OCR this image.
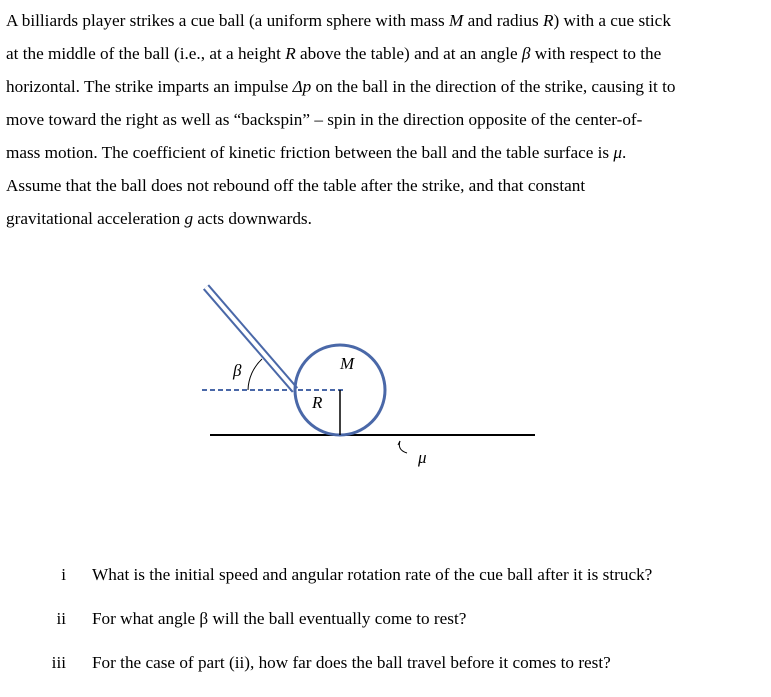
A billiards player strikes a cue ball (a uniform sphere with mass M and radius R) with a cue stick
at the middle of the ball (i.e., at a height R above the table) and at an angle β with respect to the
horizontal. The strike imparts an impulse Δp on the ball in the direction of the strike, causing it to
move toward the right as well as “backspin” – spin in the direction opposite of the center-of-
mass motion. The coefficient of kinetic friction between the ball and the table surface is μ.
Assume that the ball does not rebound off the table after the strike, and that constant
gravitational acceleration g acts downwards.
β	M
R
μ
i What is the initial speed and angular rotation rate of the cue ball after it is struck?
ii For what angle β will the ball eventually come to rest?
iii For the case of part (ii), how far does the ball travel before it comes to rest?
